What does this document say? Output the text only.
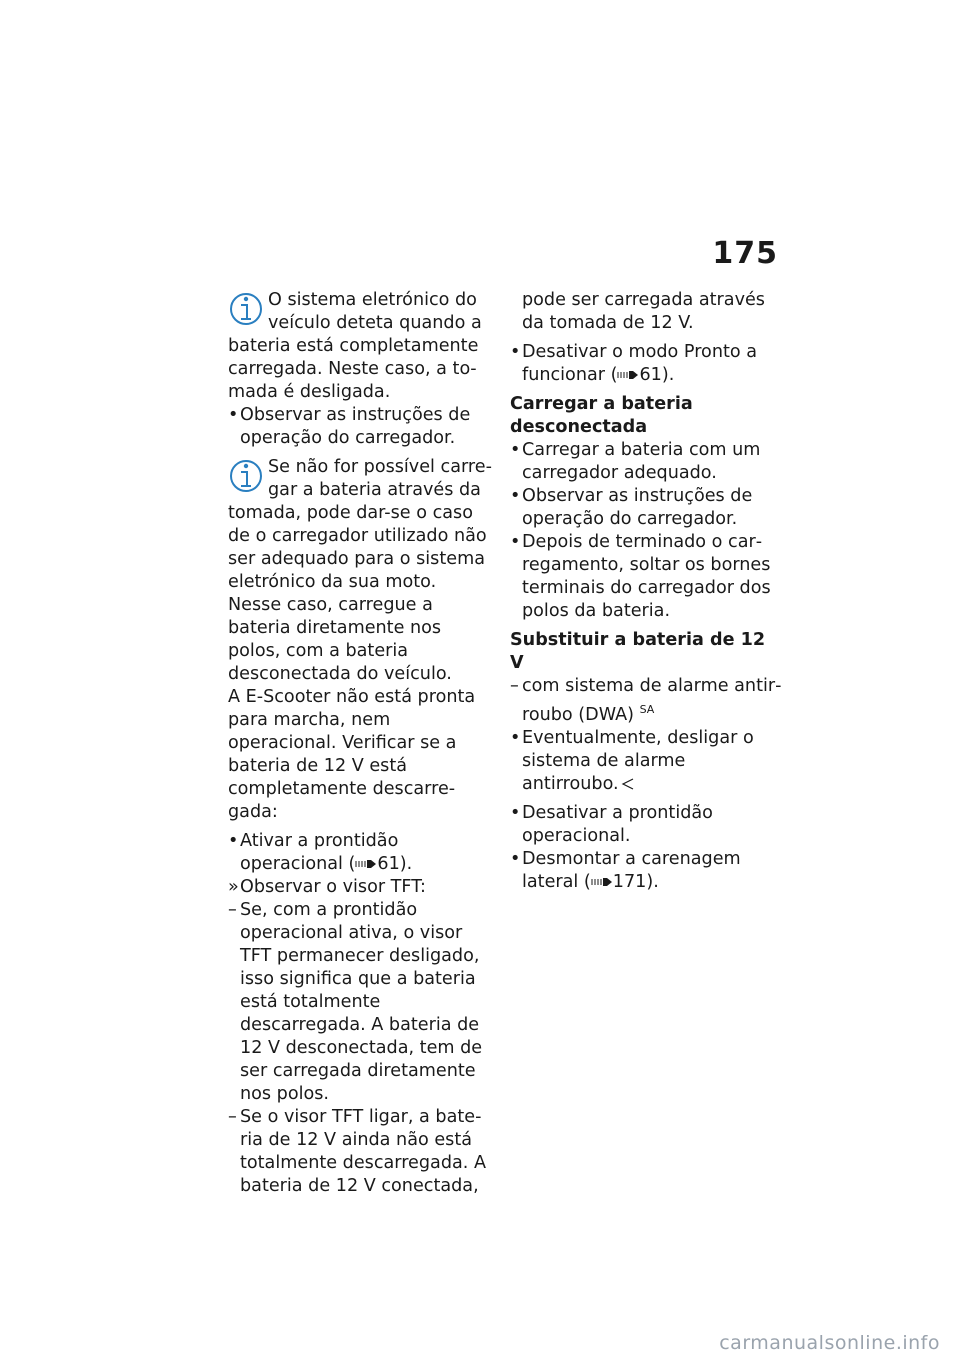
175
O sistema eletrónico do veículo deteta quando a bateria está completamente carregada. Neste caso, a tomada é desligada.
• Observar as instruções de operação do carregador.
Se não for possível carregar a bateria através da tomada, pode dar-se o caso de o carregador utilizado não ser adequado para o sistema eletrónico da sua moto. Nesse caso, carregue a bateria diretamente nos polos, com a bateria desconectada do veículo.

A E-Scooter não está pronta para marcha, nem operacional. Verificar se a bateria de 12 V está completamente descarregada:

• Ativar a prontidão operacional ( 61).
» Observar o visor TFT:
– Se, com a prontidão operacional ativa, o visor TFT permanecer desligado, isso significa que a bateria está totalmente descarregada. A bateria de 12 V desconectada, tem de ser carregada diretamente nos polos.
– Se o visor TFT ligar, a bateria de 12 V ainda não está totalmente descarregada. A bateria de 12 V conectada,

pode ser carregada através da tomada de 12 V.

• Desativar o modo Pronto a funcionar ( 61).

Carregar a bateria desconectada

• Carregar a bateria com um carregador adequado.
• Observar as instruções de operação do carregador.
• Depois de terminado o carregamento, soltar os bornes terminais do carregador dos polos da bateria.

Substituir a bateria de 12 V

– com sistema de alarme antirroubo (DWA) $^{SA}$
• Eventualmente, desligar o sistema de alarme antirroubo.
• Desativar a prontidão operacional.
• Desmontar a carenagem lateral ( 171).
carmanualsonline.info
